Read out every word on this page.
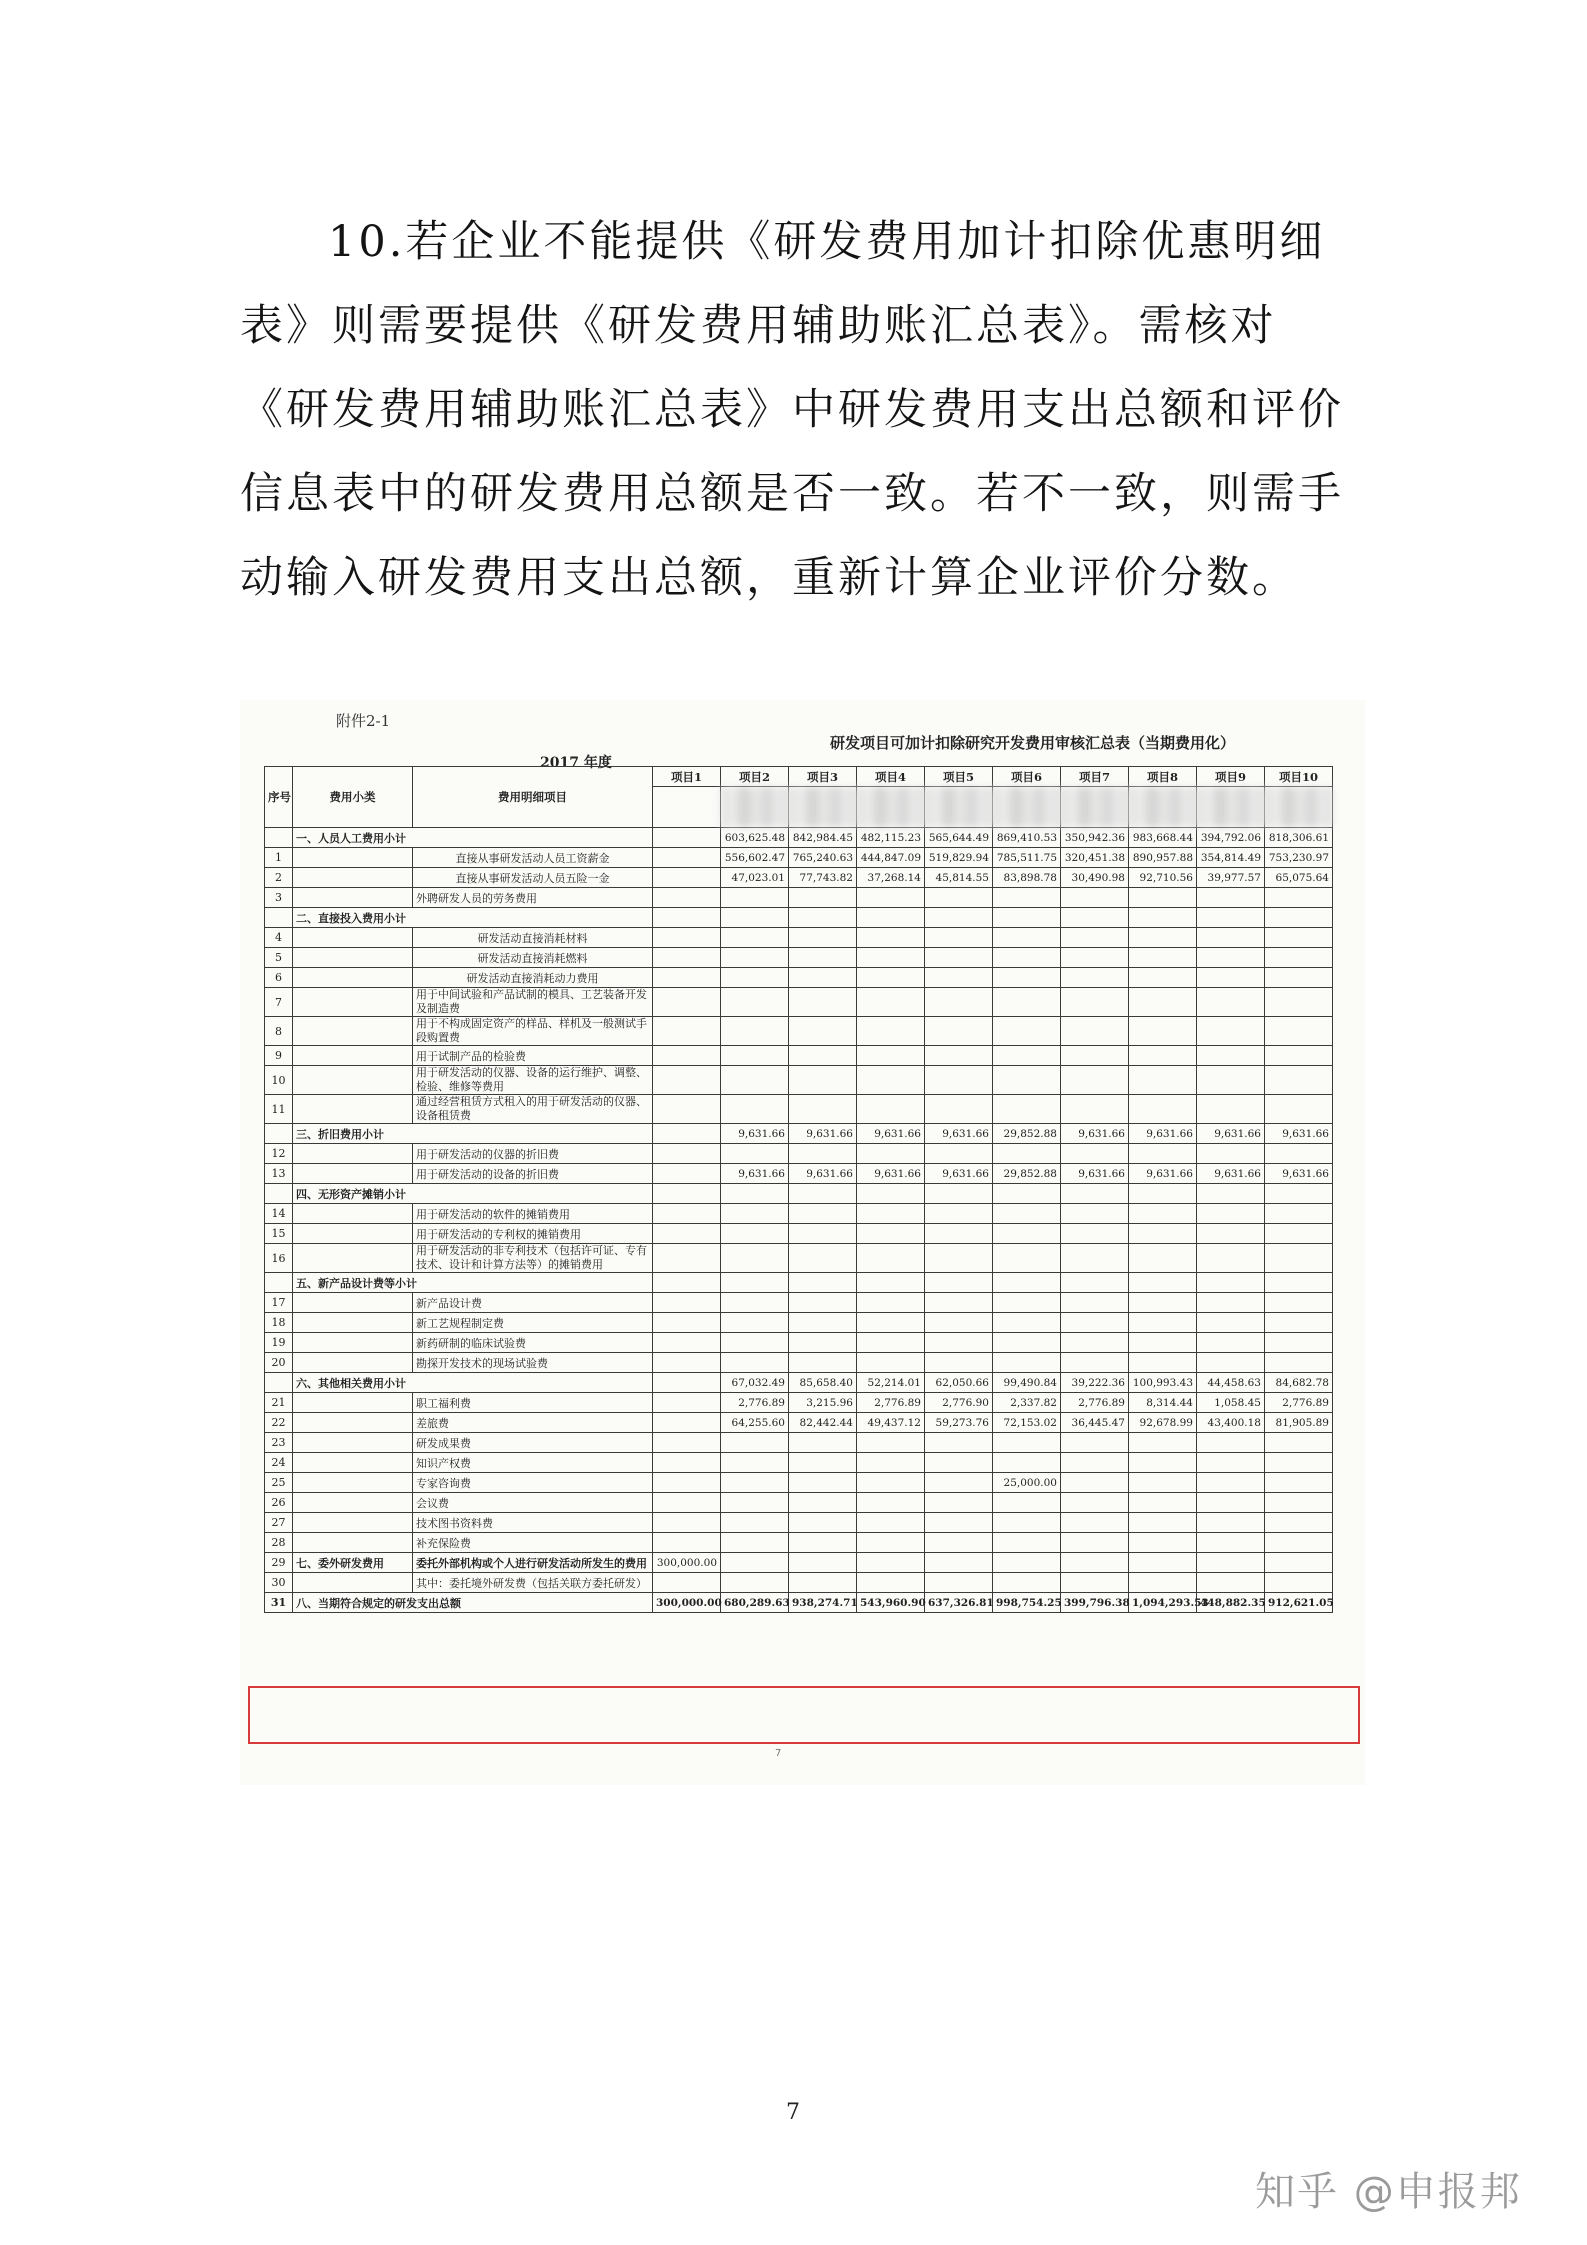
10.若企业不能提供《研发费用加计扣除优惠明细表》则需要提供《研发费用辅助账汇总表》。需核对《研发费用辅助账汇总表》中研发费用支出总额和评价信息表中的研发费用总额是否一致。若不一致，则需手动输入研发费用支出总额，重新计算企业评价分数。
附件2-1
研发项目可加计扣除研究开发费用审核汇总表（当期费用化）
2017 年度
序号	费用小类	费用明细项目	项目1	项目2	项目3	项目4	项目5	项目6	项目7	项目8	项目9	项目10

	一、人员人工费用小计			603,625.48	842,984.45	482,115.23	565,644.49	869,410.53	350,942.36	983,668.44	394,792.06	818,306.61
1		直接从事研发活动人员工资薪金		556,602.47	765,240.63	444,847.09	519,829.94	785,511.75	320,451.38	890,957.88	354,814.49	753,230.97
2		直接从事研发活动人员五险一金		47,023.01	77,743.82	37,268.14	45,814.55	83,898.78	30,490.98	92,710.56	39,977.57	65,075.64
3		外聘研发人员的劳务费用										
	二、直接投入费用小计											
4		研发活动直接消耗材料										
5		研发活动直接消耗燃料										
6		研发活动直接消耗动力费用										
7		用于中间试验和产品试制的模具、工艺装备开发及制造费										
8		用于不构成固定资产的样品、样机及一般测试手段购置费										
9		用于试制产品的检验费										
10		用于研发活动的仪器、设备的运行维护、调整、检验、维修等费用										
11		通过经营租赁方式租入的用于研发活动的仪器、设备租赁费										
	三、折旧费用小计			9,631.66	9,631.66	9,631.66	9,631.66	29,852.88	9,631.66	9,631.66	9,631.66	9,631.66
12		用于研发活动的仪器的折旧费										
13		用于研发活动的设备的折旧费		9,631.66	9,631.66	9,631.66	9,631.66	29,852.88	9,631.66	9,631.66	9,631.66	9,631.66
	四、无形资产摊销小计											
14		用于研发活动的软件的摊销费用										
15		用于研发活动的专利权的摊销费用										
16		用于研发活动的非专利技术（包括许可证、专有技术、设计和计算方法等）的摊销费用										
	五、新产品设计费等小计											
17		新产品设计费										
18		新工艺规程制定费										
19		新药研制的临床试验费										
20		勘探开发技术的现场试验费										
	六、其他相关费用小计			67,032.49	85,658.40	52,214.01	62,050.66	99,490.84	39,222.36	100,993.43	44,458.63	84,682.78
21		职工福利费		2,776.89	3,215.96	2,776.89	2,776.90	2,337.82	2,776.89	8,314.44	1,058.45	2,776.89
22		差旅费		64,255.60	82,442.44	49,437.12	59,273.76	72,153.02	36,445.47	92,678.99	43,400.18	81,905.89
23		研发成果费										
24		知识产权费										
25		专家咨询费						25,000.00				
26		会议费										
27		技术图书资料费										
28		补充保险费										
29	七、委外研发费用	委托外部机构或个人进行研发活动所发生的费用	300,000.00									
30		其中：委托境外研发费（包括关联方委托研发）										
31	八、当期符合规定的研发支出总额		300,000.00	680,289.63	938,274.71	543,960.90	637,326.81	998,754.25	399,796.38	1,094,293.53	448,882.35	912,621.05
7
7
知乎 @申报邦
